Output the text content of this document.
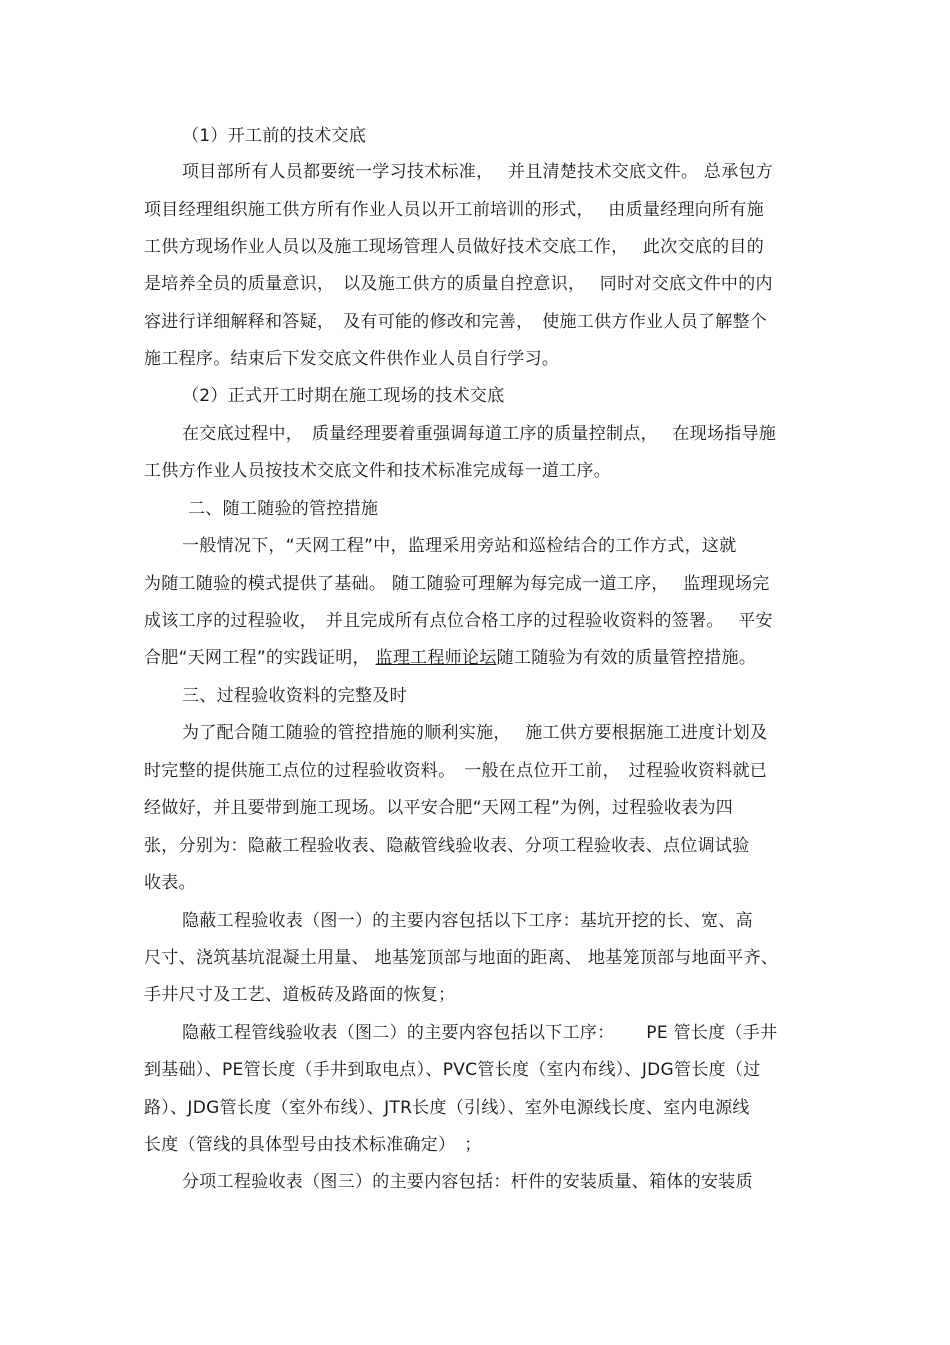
（1）开工前的技术交底

项目部所有人员都要统一学习技术标准，　 并且清楚技术交底文件。 总承包方

项目经理组织施工供方所有作业人员以开工前培训的形式，　 由质量经理向所有施

工供方现场作业人员以及施工现场管理人员做好技术交底工作，　 此次交底的目的

是培养全员的质量意识，　以及施工供方的质量自控意识，　 同时对交底文件中的内

容进行详细解释和答疑，　及有可能的修改和完善，　使施工供方作业人员了解整个

施工程序。结束后下发交底文件供作业人员自行学习。

（2）正式开工时期在施工现场的技术交底

在交底过程中，　质量经理要着重强调每道工序的质量控制点，　 在现场指导施

工供方作业人员按技术交底文件和技术标准完成每一道工序。

二、随工随验的管控措施

一般情况下，“天网工程”中，监理采用旁站和巡检结合的工作方式，这就

为随工随验的模式提供了基础。 随工随验可理解为每完成一道工序，　 监理现场完

成该工序的过程验收，　并且完成所有点位合格工序的过程验收资料的签署。　 平安

合肥“天网工程”的实践证明， 监理工程师论坛随工随验为有效的质量管控措施。

三、过程验收资料的完整及时

为了配合随工随验的管控措施的顺利实施，　 施工供方要根据施工进度计划及

时完整的提供施工点位的过程验收资料。　一般在点位开工前，　过程验收资料就已

经做好，并且要带到施工现场。以平安合肥“天网工程”为例，过程验收表为四

张，分别为：隐蔽工程验收表、隐蔽管线验收表、分项工程验收表、点位调试验

收表。

隐蔽工程验收表（图一）的主要内容包括以下工序：基坑开挖的长、宽、高

尺寸、浇筑基坑混凝土用量、 地基笼顶部与地面的距离、 地基笼顶部与地面平齐、

手井尺寸及工艺、道板砖及路面的恢复；

隐蔽工程管线验收表（图二）的主要内容包括以下工序：　　 PE 管长度（手井

到基础）、PE管长度（手井到取电点）、PVC管长度（室内布线）、JDG管长度（过

路）、JDG管长度（室外布线）、JTR长度（引线）、室外电源线长度、室内电源线

长度（管线的具体型号由技术标准确定）　；

分项工程验收表（图三）的主要内容包括：杆件的安装质量、箱体的安装质
